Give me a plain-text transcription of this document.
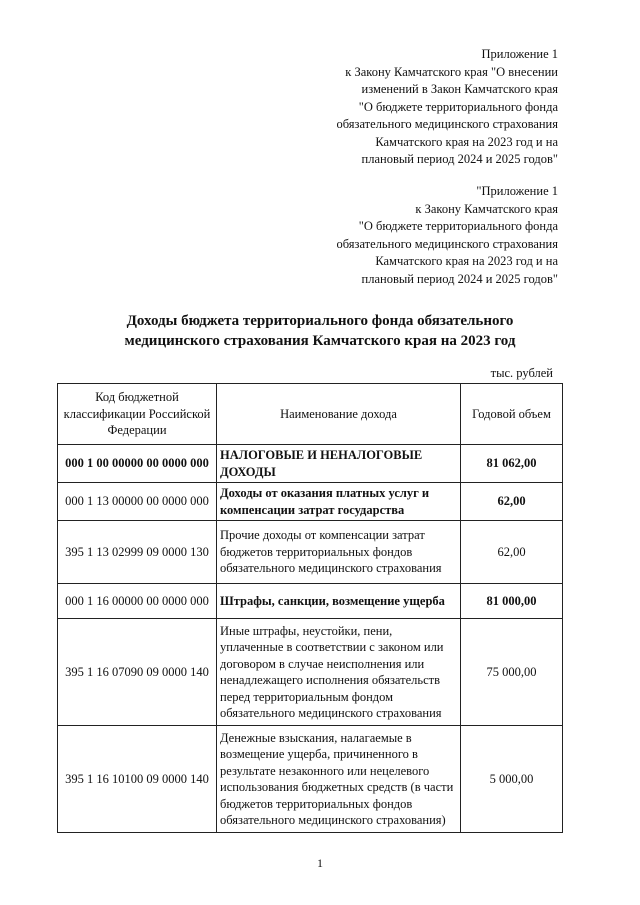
Приложение 1
к Закону Камчатского края "О внесении
изменений в Закон Камчатского края
"О бюджете территориального фонда
обязательного медицинского страхования
Камчатского края на 2023 год и на
плановый период 2024 и 2025 годов"
"Приложение 1
к Закону Камчатского края
"О бюджете территориального фонда
обязательного медицинского страхования
Камчатского края на 2023 год и на
плановый период 2024 и 2025 годов"
Доходы бюджета территориального фонда обязательного
медицинского страхования Камчатского края на 2023 год
тыс. рублей
Код бюджетной классификации Российской Федерации	Наименование дохода	Годовой объем
000 1 00 00000 00 0000 000	НАЛОГОВЫЕ И НЕНАЛОГОВЫЕ ДОХОДЫ	81 062,00
000 1 13 00000 00 0000 000	Доходы от оказания платных услуг и компенсации затрат государства	62,00
395 1 13 02999 09 0000 130	Прочие доходы от компенсации затрат бюджетов территориальных фондов обязательного медицинского страхования	62,00
000 1 16 00000 00 0000 000	Штрафы, санкции, возмещение ущерба	81 000,00
395 1 16 07090 09 0000 140	Иные штрафы, неустойки, пени, уплаченные в соответствии с законом или договором в случае неисполнения или ненадлежащего исполнения обязательств перед территориальным фондом обязательного медицинского страхования	75 000,00
395 1 16 10100 09 0000 140	Денежные взыскания, налагаемые в возмещение ущерба, причиненного в результате незаконного или нецелевого использования бюджетных средств (в части бюджетов территориальных фондов обязательного медицинского страхования)	5 000,00
1
